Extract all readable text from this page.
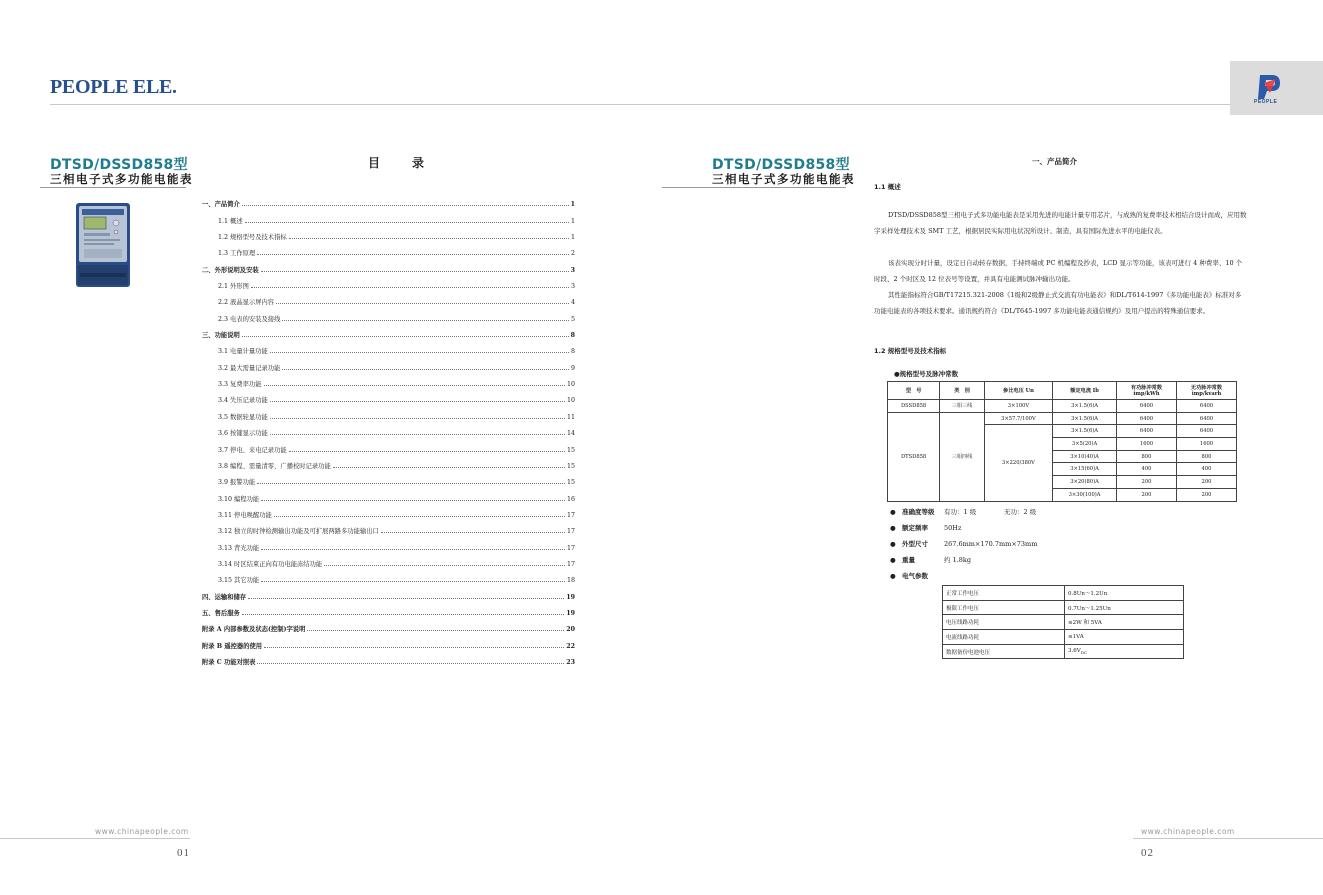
PEOPLE ELE.
PEOPLE
DTSD/DSSD858型
三相电子式多功能电能表
目　录
一、产品简介	1
1.1 概述	1
1.2 规格型号及技术指标	1
1.3 工作原理	2
二、外形说明及安装	3
2.1 外形图	3
2.2 液晶显示屏内容	4
2.3 电表的安装及接线	5
三、功能说明	8
3.1 电量计量功能	8
3.2 最大需量记录功能	9
3.3 复费率功能	10
3.4 失压记录功能	10
3.5 数据轮显功能	11
3.6 按键显示功能	14
3.7 停电、来电记录功能	15
3.8 编程、需量清零、广播校时记录功能	15
3.9 报警功能	15
3.10 编程功能	16
3.11 停电唤醒功能	17
3.12 独立的时钟检测输出功能及可扩展两路多功能输出口	17
3.13 背光功能	17
3.14 时区结束正向有功电能冻结功能	17
3.15 其它功能	18
四、运输和储存	19
五、售后服务	19
附录 A 内部参数及状态(控制)字说明	20
附录 B 遥控器的使用	22
附录 C 功能对照表	23
DTSD/DSSD858型
三相电子式多功能电能表
一、产品简介
1.1 概述
DTSD/DSSD858型三相电子式多功能电能表是采用先进的电能计量专用芯片，与成熟的复费率技术相结合设计而成，应用数字采样处理技术及 SMT 工艺，根据居民实际用电状况所设计、制造，具有国际先进水平的电能仪表。
该表实现分时计量，设定日自动转存数据，手持终端或 PC 机编程及抄表，LCD 显示等功能，该表可进行 4 种费率、10 个时段、2 个时区及 12 位表号等设置，并具有电能测试脉冲输出功能。
其性能指标符合GB/T17215.321-2008《1级和2级静止式交流有功电能表》和DL/T614-1997《多功能电能表》标准对多功能电能表的各项技术要求。通讯规约符合《DL/T645-1997 多功能电能表通信规约》及用户提出的特殊通信要求。
1.2 规格型号及技术指标
●规格型号及脉冲常数
型　号	类　别	参比电压 Un	额定电流 Ib	有功脉冲常数 imp/kWh	无功脉冲常数 imp/kvarh
DSSD858	三相三线	3×100V	3×1.5(6)A	6400	6400
DTSD858	三相四线	3×57.7/100V	3×1.5(6)A	6400	6400
		3×220/380V	3×1.5(6)A	6400	6400
			3×5(20)A	1600	1600
			3×10(40)A	800	800
			3×15(60)A	400	400
			3×20(80)A	200	200
			3×30(100)A	200	200
● 准确度等级 有功：1 级	无功：2 级
● 额定频率 50Hz
● 外型尺寸 267.6mm×170.7mm×73mm
● 重量	约 1.8kg
● 电气参数
正常工作电压	0.8Un～1.2Un
极限工作电压	0.7Un～1.25Un
电压线路功耗	≤2W 和 5VA
电流线路功耗	≤1VA
数据备份电池电压	$3.6V_{DC}$
www.chinapeople.com
01
www.chinapeople.com
02
